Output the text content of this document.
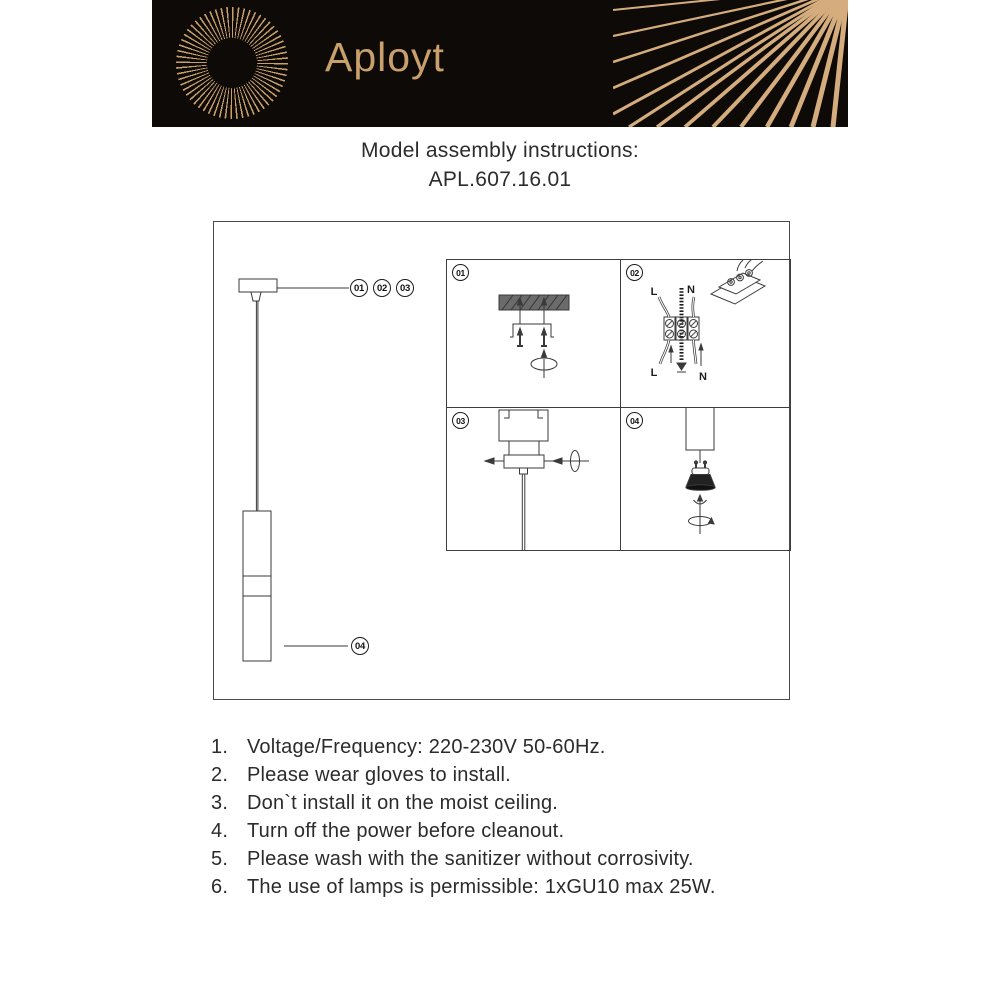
Aployt
Model assembly instructions:
APL.607.16.01
01	02	03
04
01	02
03	04
L	N
L	N
1. Voltage/Frequency: 220-230V 50-60Hz.
2. Please wear gloves to install.
3. Don`t install it on the moist ceiling.
4. Turn off the power before cleanout.
5. Please wash with the sanitizer without corrosivity.
6. The use of lamps is permissible: 1xGU10 max 25W.
